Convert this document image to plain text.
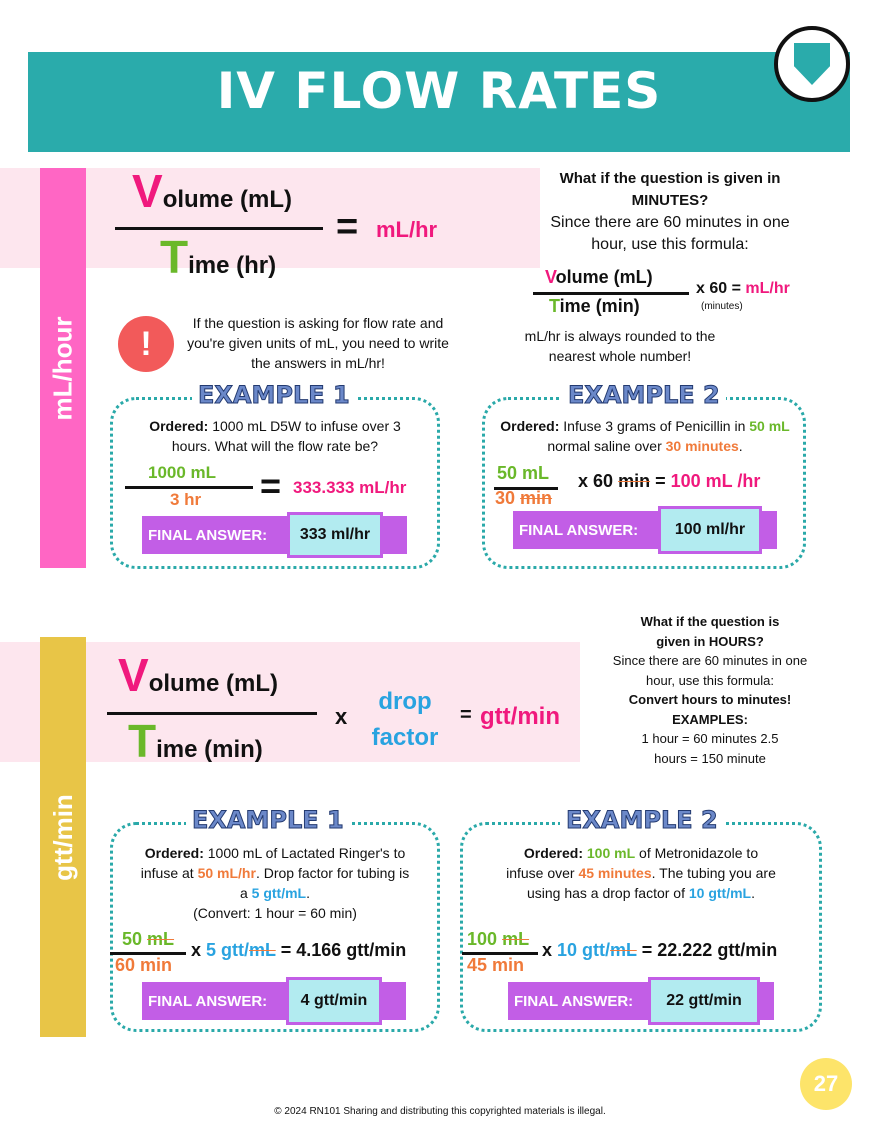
IV FLOW RATES
mL/hour
Volume (mL)
Time (hr)
= mL/hr
!
If the question is asking for flow rate and you're given units of mL, you need to write the answers in mL/hr!
What if the question is given in
MINUTES?
Since there are 60 minutes in one hour, use this formula:
Volume (mL)
Time (min)
x 60 = mL/hr
(minutes)
mL/hr is always rounded to the nearest whole number!
EXAMPLE 1
Ordered: 1000 mL D5W to infuse over 3 hours. What will the flow rate be?
1000 mL
3 hr = 333.333 mL/hr
FINAL ANSWER:	333 ml/hr
EXAMPLE 2
Ordered: Infuse 3 grams of Penicillin in 50 mL normal saline over 30 minutes.
50 mL
30 min
x 60 min = 100 mL /hr
FINAL ANSWER:	100 ml/hr
gtt/min
Volume (mL)
Time (min)
x
drop
factor
= gtt/min
What if the question is
given in HOURS?
Since there are 60 minutes in one hour, use this formula:
Convert hours to minutes!
EXAMPLES:
1 hour = 60 minutes 2.5 hours = 150 minute
EXAMPLE 1
Ordered: 1000 mL of Lactated Ringer's to infuse at 50 mL/hr. Drop factor for tubing is a 5 gtt/mL.
(Convert: 1 hour = 60 min)
50 mL
60 min
x 5 gtt/mL = 4.166 gtt/min
FINAL ANSWER:	4 gtt/min
EXAMPLE 2
Ordered: 100 mL of Metronidazole to infuse over 45 minutes. The tubing you are using has a drop factor of 10 gtt/mL.
100 mL
45 min
x 10 gtt/mL = 22.222 gtt/min
FINAL ANSWER:	22 gtt/min
© 2024 RN101 Sharing and distributing this copyrighted materials is illegal.
27
